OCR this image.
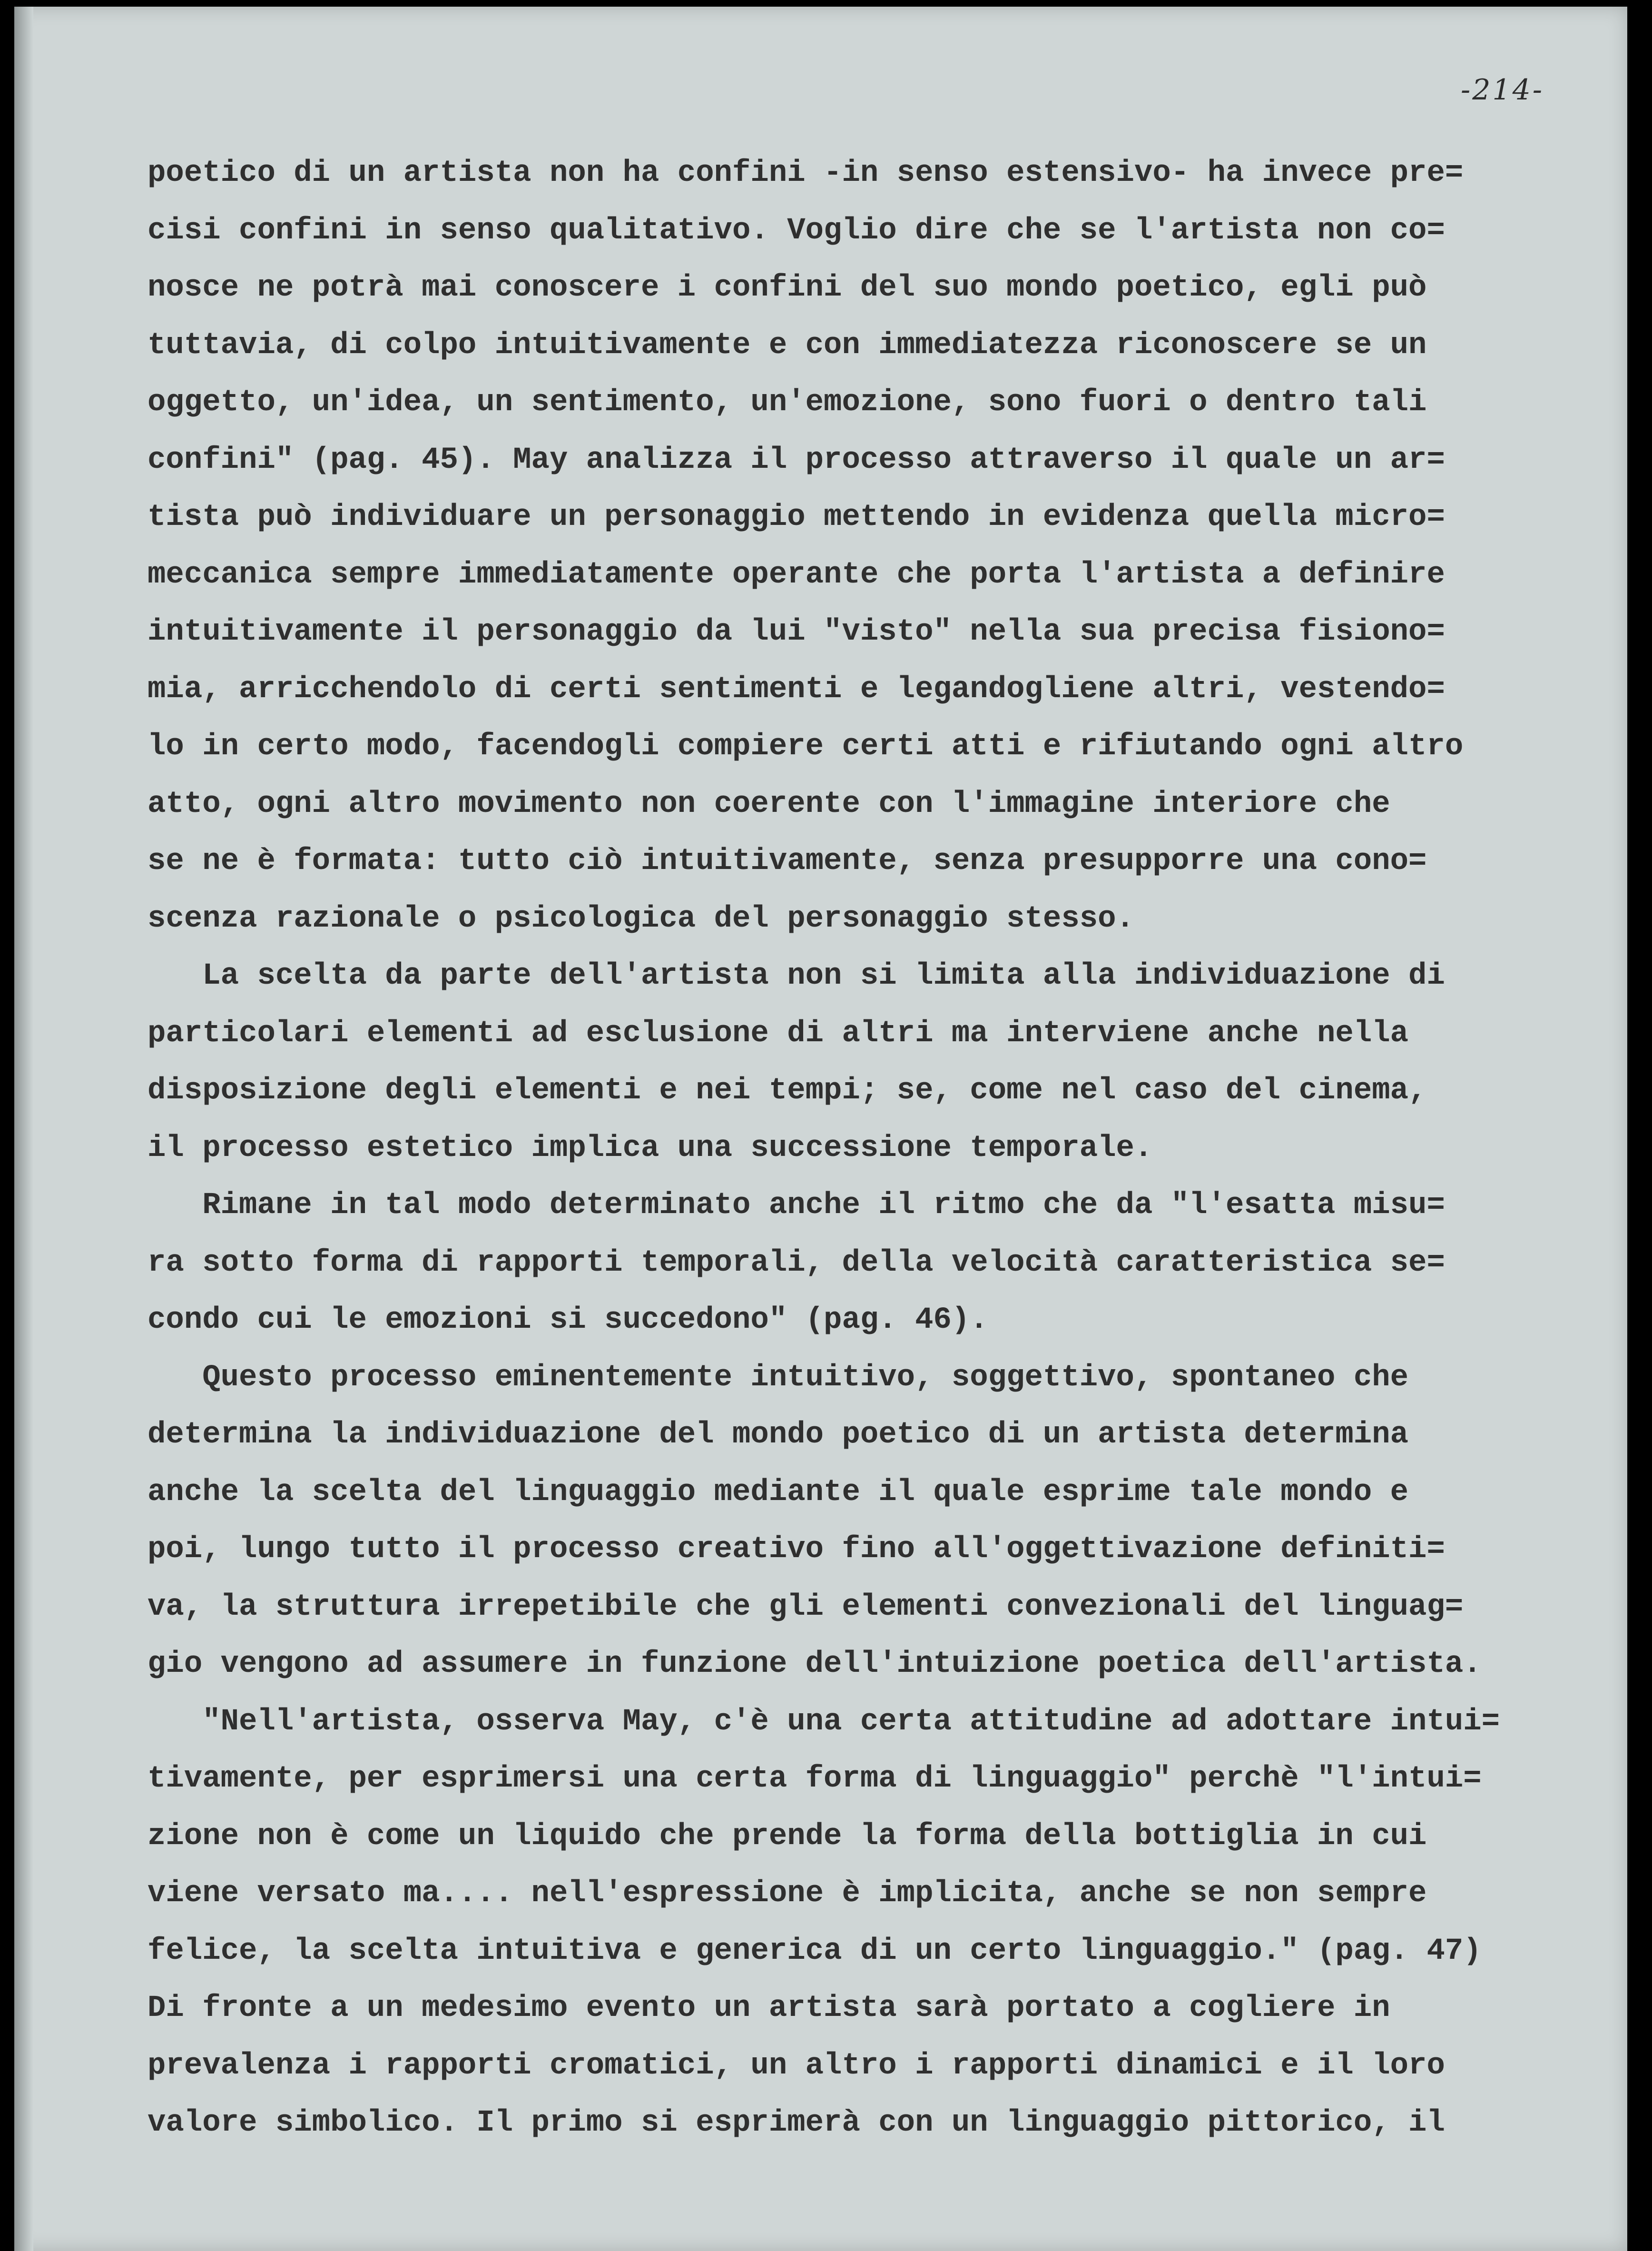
-214-
poetico di un artista non ha confini -in senso estensivo- ha invece pre=
cisi confini in senso qualitativo. Voglio dire che se l'artista non co=
nosce ne potrà mai conoscere i confini del suo mondo poetico, egli può
tuttavia, di colpo intuitivamente e con immediatezza riconoscere se un
oggetto, un'idea, un sentimento, un'emozione, sono fuori o dentro tali
confini" (pag. 45). May analizza il processo attraverso il quale un ar=
tista può individuare un personaggio mettendo in evidenza quella micro=
meccanica sempre immediatamente operante che porta l'artista a definire
intuitivamente il personaggio da lui "visto" nella sua precisa fisiono=
mia, arricchendolo di certi sentimenti e legandogliene altri, vestendo=
lo in certo modo, facendogli compiere certi atti e rifiutando ogni altro
atto, ogni altro movimento non coerente con l'immagine interiore che
se ne è formata: tutto ciò intuitivamente, senza presupporre una cono=
scenza razionale o psicologica del personaggio stesso.
La scelta da parte dell'artista non si limita alla individuazione di
particolari elementi ad esclusione di altri ma interviene anche nella
disposizione degli elementi e nei tempi; se, come nel caso del cinema,
il processo estetico implica una successione temporale.
Rimane in tal modo determinato anche il ritmo che da "l'esatta misu=
ra sotto forma di rapporti temporali, della velocità caratteristica se=
condo cui le emozioni si succedono" (pag. 46).
Questo processo eminentemente intuitivo, soggettivo, spontaneo che
determina la individuazione del mondo poetico di un artista determina
anche la scelta del linguaggio mediante il quale esprime tale mondo e
poi, lungo tutto il processo creativo fino all'oggettivazione definiti=
va, la struttura irrepetibile che gli elementi convezionali del linguag=
gio vengono ad assumere in funzione dell'intuizione poetica dell'artista.
"Nell'artista, osserva May, c'è una certa attitudine ad adottare intui=
tivamente, per esprimersi una certa forma di linguaggio" perchè "l'intui=
zione non è come un liquido che prende la forma della bottiglia in cui
viene versato ma.... nell'espressione è implicita, anche se non sempre
felice, la scelta intuitiva e generica di un certo linguaggio." (pag. 47)
Di fronte a un medesimo evento un artista sarà portato a cogliere in
prevalenza i rapporti cromatici, un altro i rapporti dinamici e il loro
valore simbolico. Il primo si esprimerà con un linguaggio pittorico, il
